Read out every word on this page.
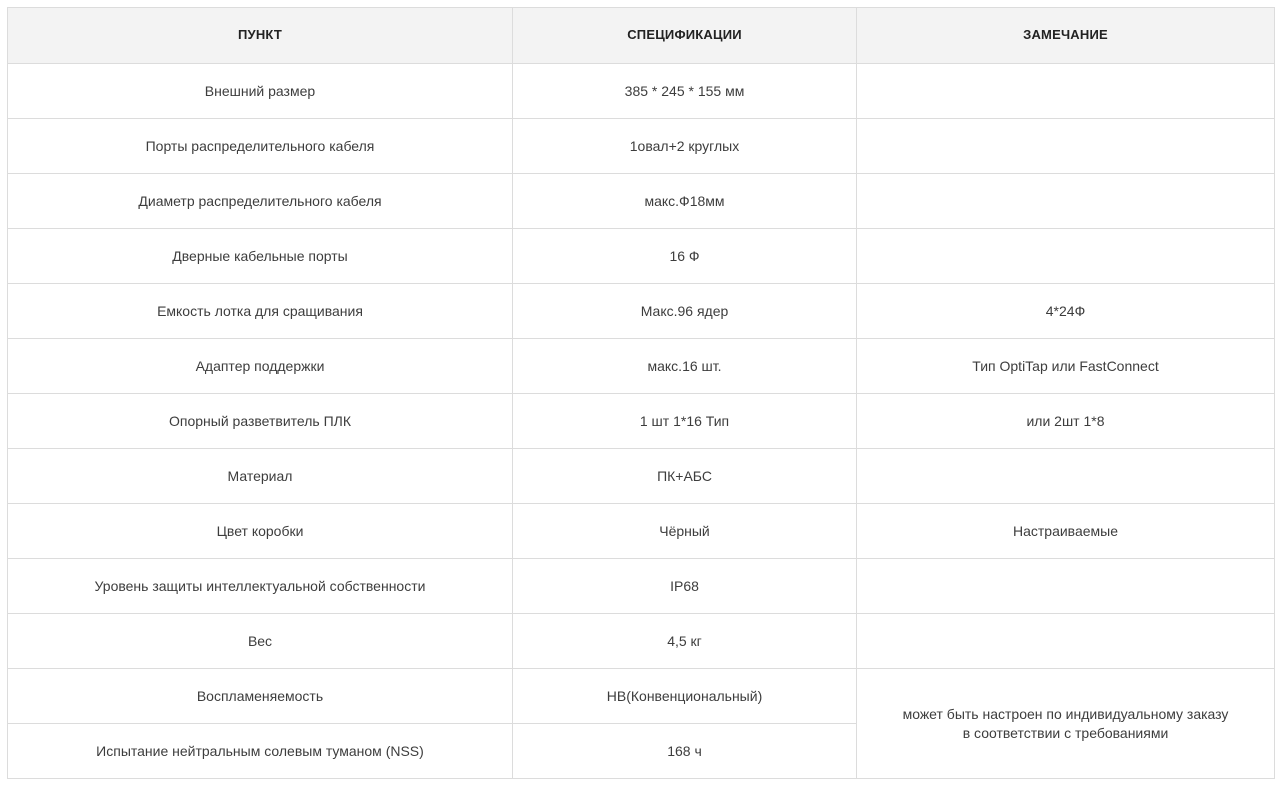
ПУНКТ	СПЕЦИФИКАЦИИ	ЗАМЕЧАНИЕ
Внешний размер	385 * 245 * 155 мм	
Порты распределительного кабеля	1овал+2 круглых	
Диаметр распределительного кабеля	макс.Ф18мм	
Дверные кабельные порты	16 Ф	
Емкость лотка для сращивания	Макс.96 ядер	4*24Ф
Адаптер поддержки	макс.16 шт.	Тип OptiTap или FastConnect
Опорный разветвитель ПЛК	1 шт 1*16 Тип	или 2шт 1*8
Материал	ПК+АБС	
Цвет коробки	Чёрный	Настраиваемые
Уровень защиты интеллектуальной собственности	IP68	
Вес	4,5 кг	
Воспламеняемость	HB(Конвенциональный)	может быть настроен по индивидуальному заказу
в соответствии с требованиями

Испытание нейтральным солевым туманом (NSS)	168 ч	
